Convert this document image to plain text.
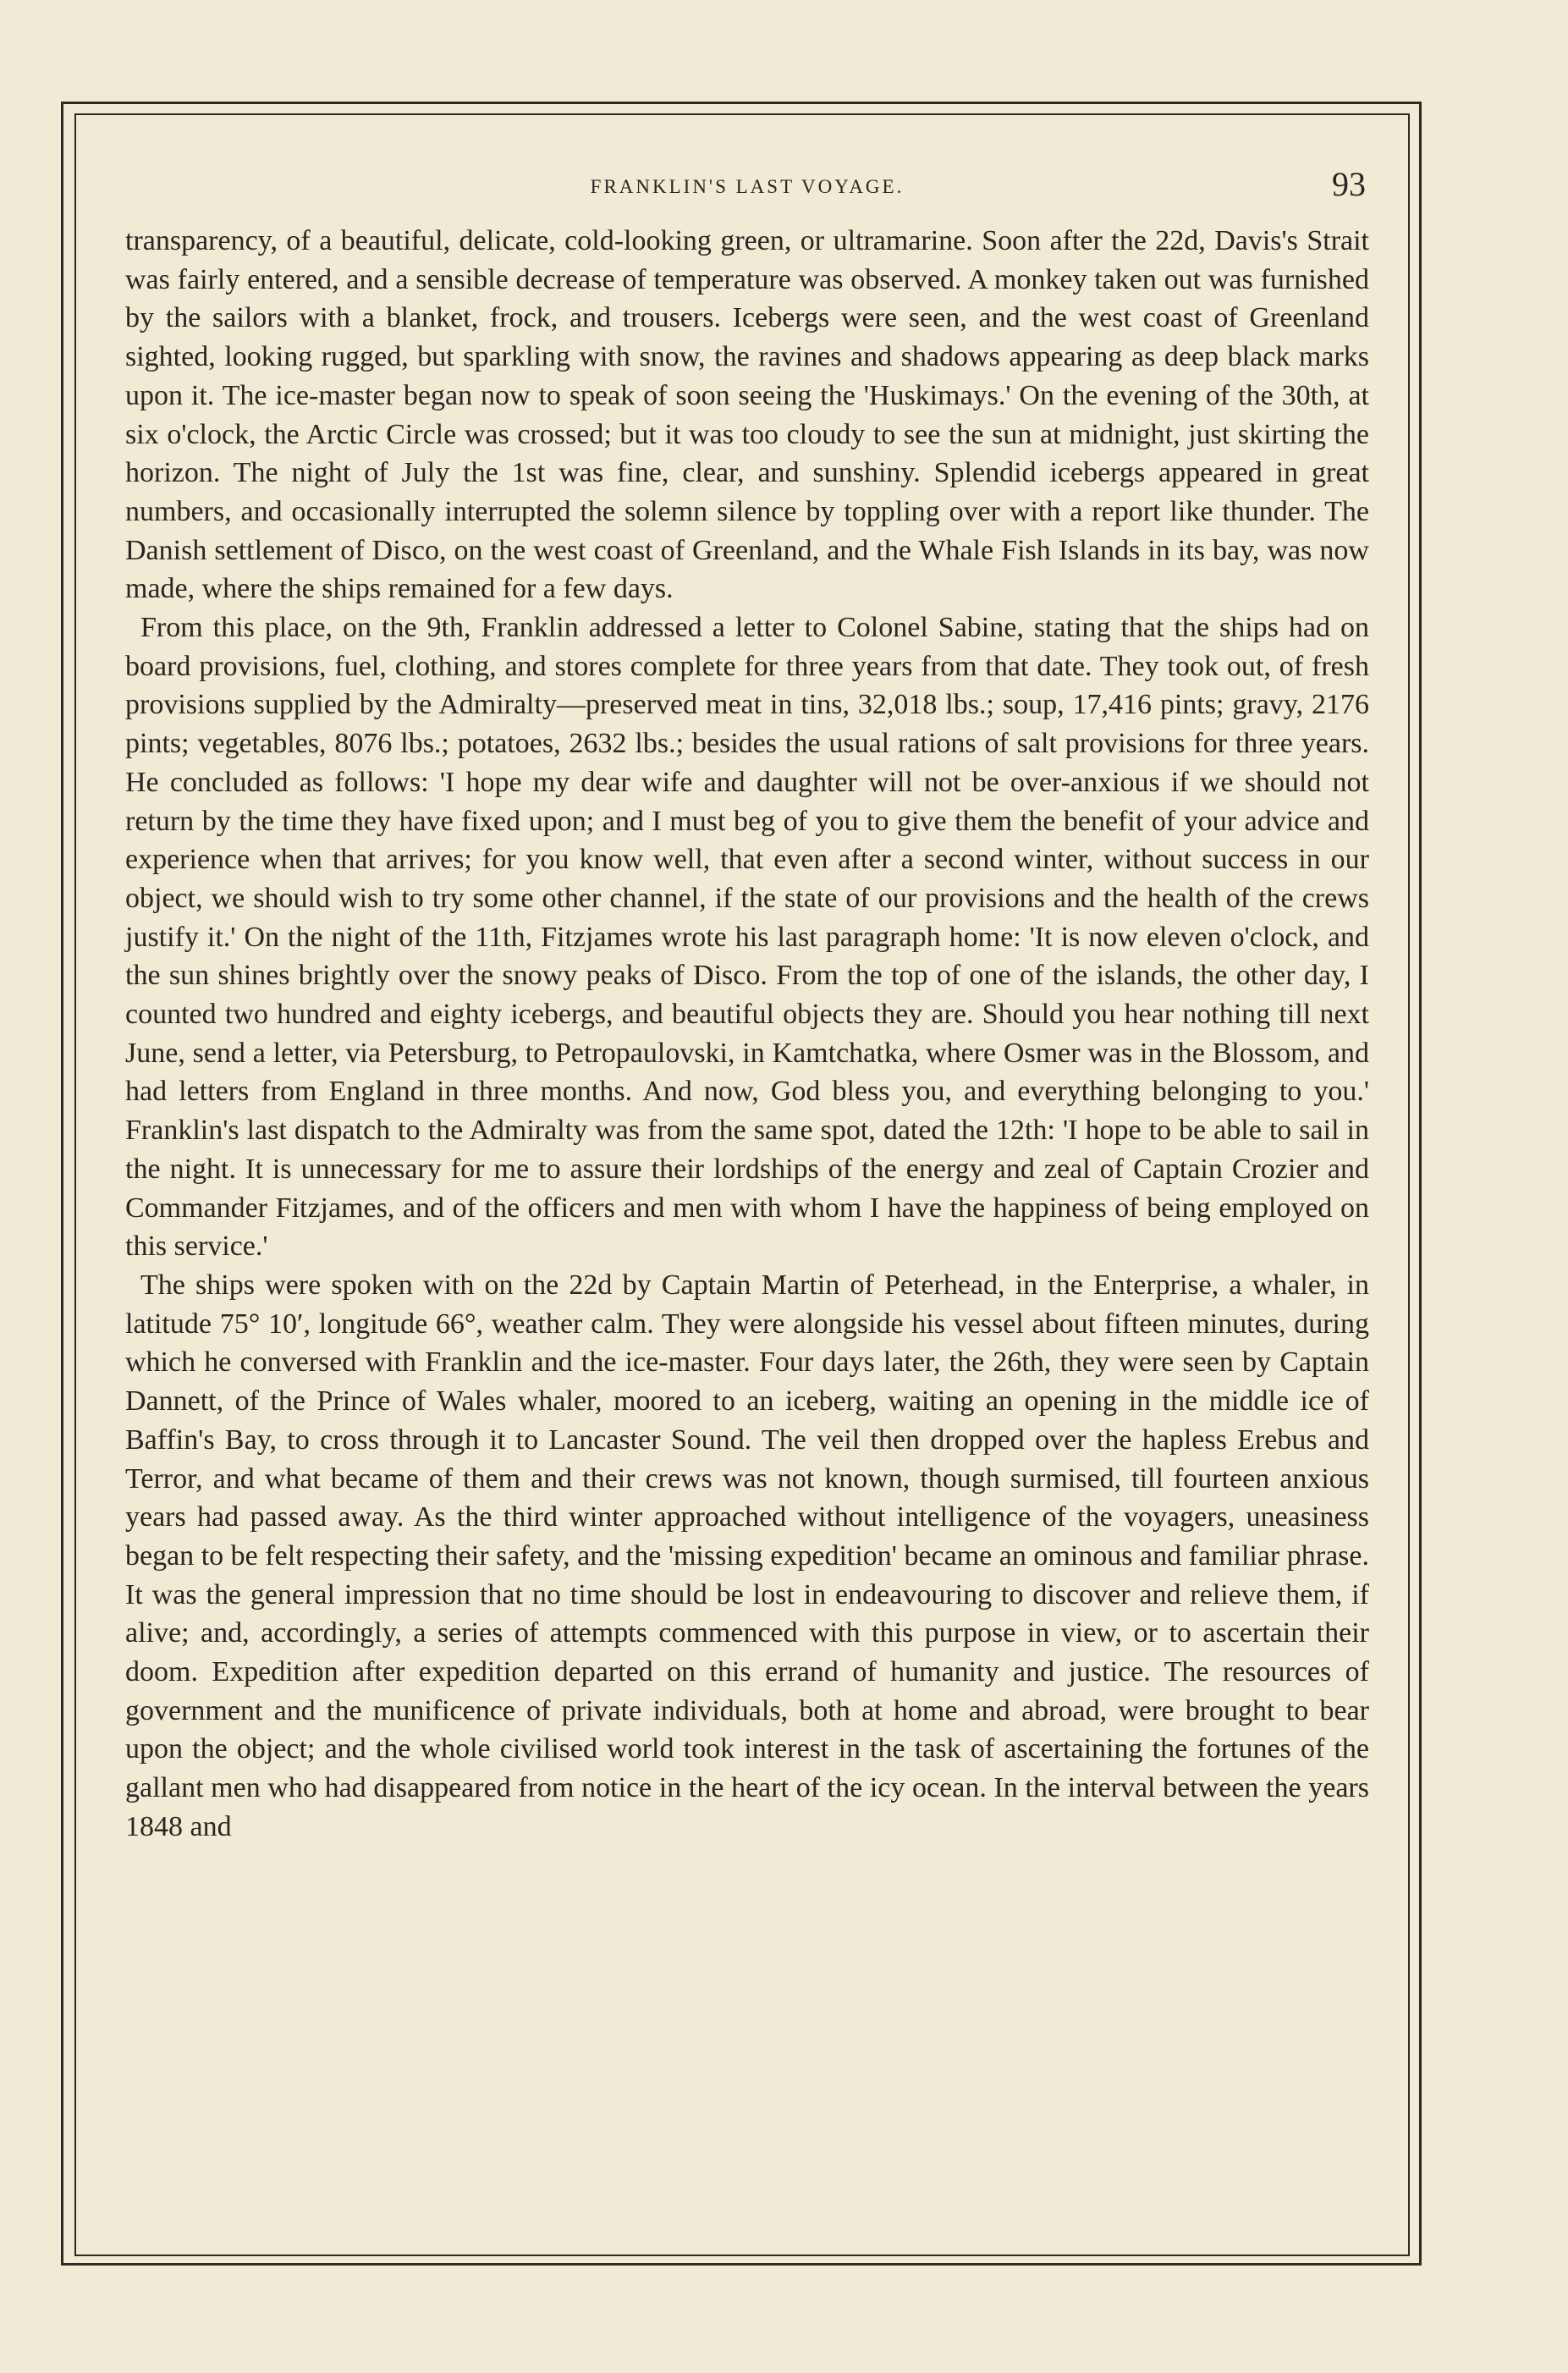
FRANKLIN'S LAST VOYAGE.	93

transparency, of a beautiful, delicate, cold-looking green, or ultramarine. Soon after the 22d, Davis's Strait was fairly entered, and a sensible decrease of temperature was observed. A monkey taken out was furnished by the sailors with a blanket, frock, and trousers. Icebergs were seen, and the west coast of Greenland sighted, looking rugged, but sparkling with snow, the ravines and shadows appearing as deep black marks upon it. The ice-master began now to speak of soon seeing the 'Huskimays.' On the evening of the 30th, at six o'clock, the Arctic Circle was crossed; but it was too cloudy to see the sun at midnight, just skirting the horizon. The night of July the 1st was fine, clear, and sunshiny. Splendid icebergs appeared in great numbers, and occasionally interrupted the solemn silence by toppling over with a report like thunder. The Danish settlement of Disco, on the west coast of Greenland, and the Whale Fish Islands in its bay, was now made, where the ships remained for a few days.

From this place, on the 9th, Franklin addressed a letter to Colonel Sabine, stating that the ships had on board provisions, fuel, clothing, and stores complete for three years from that date. They took out, of fresh provisions supplied by the Admiralty—preserved meat in tins, 32,018 lbs.; soup, 17,416 pints; gravy, 2176 pints; vegetables, 8076 lbs.; potatoes, 2632 lbs.; besides the usual rations of salt provisions for three years. He concluded as follows: 'I hope my dear wife and daughter will not be over-anxious if we should not return by the time they have fixed upon; and I must beg of you to give them the benefit of your advice and experience when that arrives; for you know well, that even after a second winter, without success in our object, we should wish to try some other channel, if the state of our provisions and the health of the crews justify it.' On the night of the 11th, Fitzjames wrote his last paragraph home: 'It is now eleven o'clock, and the sun shines brightly over the snowy peaks of Disco. From the top of one of the islands, the other day, I counted two hundred and eighty icebergs, and beautiful objects they are. Should you hear nothing till next June, send a letter, via Petersburg, to Petropaulovski, in Kamtchatka, where Osmer was in the Blossom, and had letters from England in three months. And now, God bless you, and everything belonging to you.' Franklin's last dispatch to the Admiralty was from the same spot, dated the 12th: 'I hope to be able to sail in the night. It is unnecessary for me to assure their lordships of the energy and zeal of Captain Crozier and Commander Fitzjames, and of the officers and men with whom I have the happiness of being employed on this service.'

The ships were spoken with on the 22d by Captain Martin of Peterhead, in the Enterprise, a whaler, in latitude 75° 10′, longitude 66°, weather calm. They were alongside his vessel about fifteen minutes, during which he conversed with Franklin and the ice-master. Four days later, the 26th, they were seen by Captain Dannett, of the Prince of Wales whaler, moored to an iceberg, waiting an opening in the middle ice of Baffin's Bay, to cross through it to Lancaster Sound. The veil then dropped over the hapless Erebus and Terror, and what became of them and their crews was not known, though surmised, till fourteen anxious years had passed away. As the third winter approached without intelligence of the voyagers, uneasiness began to be felt respecting their safety, and the 'missing expedition' became an ominous and familiar phrase. It was the general impression that no time should be lost in endeavouring to discover and relieve them, if alive; and, accordingly, a series of attempts commenced with this purpose in view, or to ascertain their doom. Expedition after expedition departed on this errand of humanity and justice. The resources of government and the munificence of private individuals, both at home and abroad, were brought to bear upon the object; and the whole civilised world took interest in the task of ascertaining the fortunes of the gallant men who had disappeared from notice in the heart of the icy ocean. In the interval between the years 1848 and
